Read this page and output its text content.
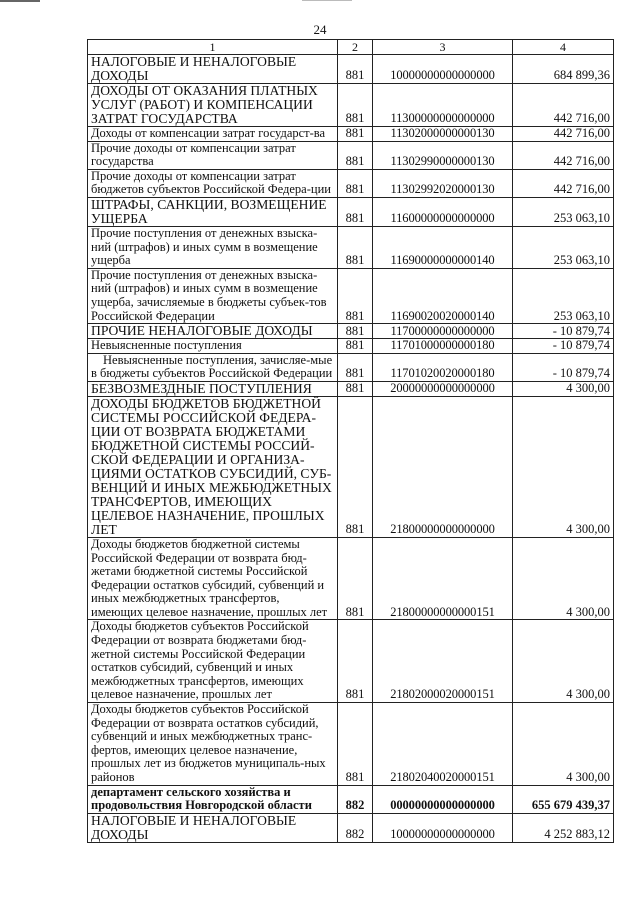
24
1	2	3	4
НАЛОГОВЫЕ И НЕНАЛОГОВЫЕ ДОХОДЫ	881	10000000000000000	684 899,36
ДОХОДЫ ОТ ОКАЗАНИЯ ПЛАТНЫХ УСЛУГ (РАБОТ) И КОМПЕНСАЦИИ ЗАТРАТ ГОСУДАРСТВА	881	11300000000000000	442 716,00
Доходы от компенсации затрат государст-ва	881	11302000000000130	442 716,00
Прочие доходы от компенсации затрат государства	881	11302990000000130	442 716,00
Прочие доходы от компенсации затрат бюджетов субъектов Российской Федера-ции	881	11302992020000130	442 716,00
ШТРАФЫ, САНКЦИИ, ВОЗМЕЩЕНИЕ УЩЕРБА	881	11600000000000000	253 063,10
Прочие поступления от денежных взыска-ний (штрафов) и иных сумм в возмещение ущерба	881	11690000000000140	253 063,10
Прочие поступления от денежных взыска-ний (штрафов) и иных сумм в возмещение ущерба, зачисляемые в бюджеты субъек-тов Российской Федерации	881	11690020020000140	253 063,10
ПРОЧИЕ НЕНАЛОГОВЫЕ ДОХОДЫ	881	11700000000000000	- 10 879,74
Невыясненные поступления	881	11701000000000180	- 10 879,74
Невыясненные поступления, зачисляе-мые в бюджеты субъектов Российской Федерации	881	11701020020000180	- 10 879,74
БЕЗВОЗМЕЗДНЫЕ ПОСТУПЛЕНИЯ	881	20000000000000000	4 300,00
ДОХОДЫ БЮДЖЕТОВ БЮДЖЕТНОЙ СИСТЕМЫ РОССИЙСКОЙ ФЕДЕРА-ЦИИ ОТ ВОЗВРАТА БЮДЖЕТАМИ БЮДЖЕТНОЙ СИСТЕМЫ РОССИЙ-СКОЙ ФЕДЕРАЦИИ И ОРГАНИЗА-ЦИЯМИ ОСТАТКОВ СУБСИДИЙ, СУБ-ВЕНЦИЙ И ИНЫХ МЕЖБЮДЖЕТНЫХ ТРАНСФЕРТОВ, ИМЕЮЩИХ ЦЕЛЕВОЕ НАЗНАЧЕНИЕ, ПРОШЛЫХ ЛЕТ	881	21800000000000000	4 300,00
Доходы бюджетов бюджетной системы Российской Федерации от возврата бюд-жетами бюджетной системы Российской Федерации остатков субсидий, субвенций и иных межбюджетных трансфертов, имеющих целевое назначение, прошлых лет	881	21800000000000151	4 300,00
Доходы бюджетов субъектов Российской Федерации от возврата бюджетами бюд-жетной системы Российской Федерации остатков субсидий, субвенций и иных межбюджетных трансфертов, имеющих целевое назначение, прошлых лет	881	21802000020000151	4 300,00
Доходы бюджетов субъектов Российской Федерации от возврата остатков субсидий, субвенций и иных межбюджетных транс-фертов, имеющих целевое назначение, прошлых лет из бюджетов муниципаль-ных районов	881	21802040020000151	4 300,00
департамент сельского хозяйства и продовольствия Новгородской области	882	00000000000000000	655 679 439,37
НАЛОГОВЫЕ И НЕНАЛОГОВЫЕ ДОХОДЫ	882	10000000000000000	4 252 883,12
